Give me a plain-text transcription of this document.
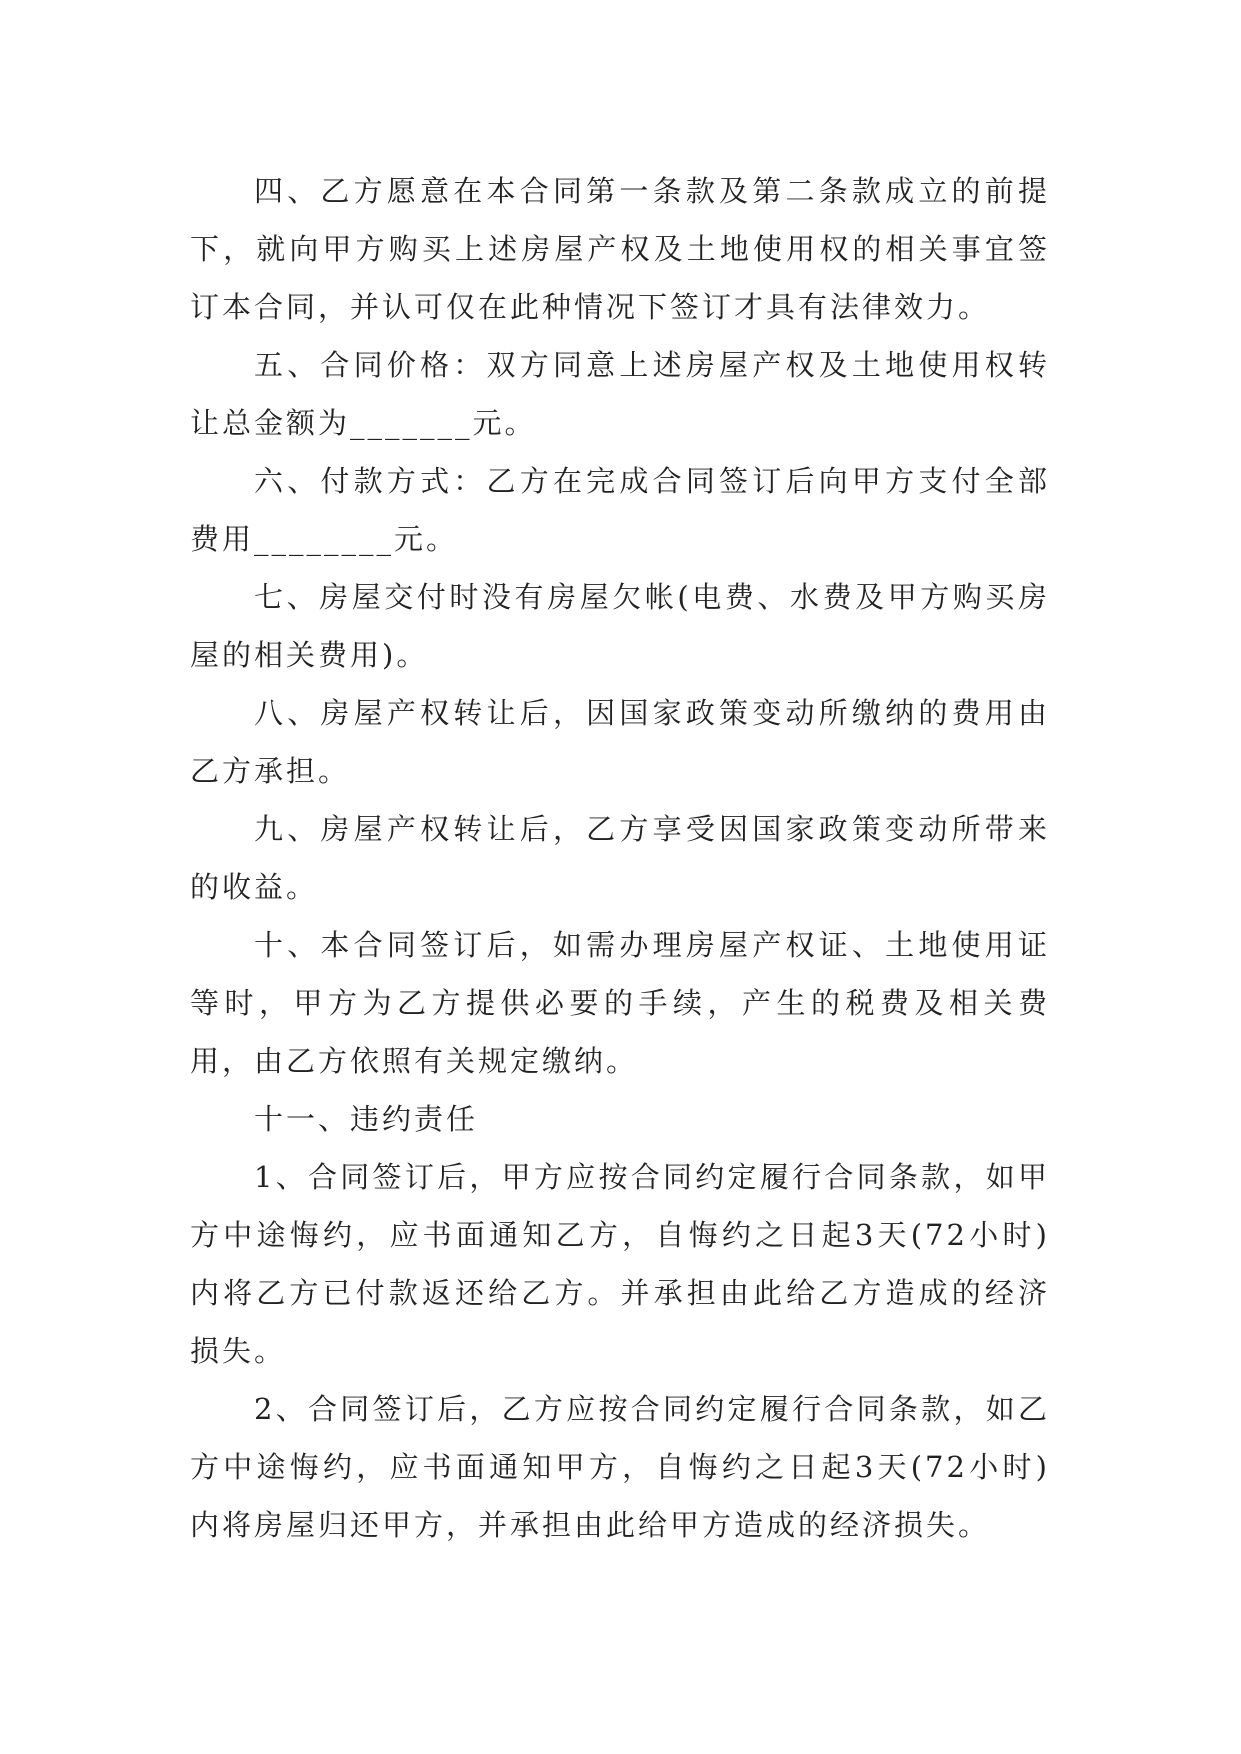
四、乙方愿意在本合同第一条款及第二条款成立的前提下，就向甲方购买上述房屋产权及土地使用权的相关事宜签订本合同，并认可仅在此种情况下签订才具有法律效力。

五、合同价格：双方同意上述房屋产权及土地使用权转让总金额为_______元。

六、付款方式：乙方在完成合同签订后向甲方支付全部费用________元。

七、房屋交付时没有房屋欠帐(电费、水费及甲方购买房屋的相关费用)。

八、房屋产权转让后，因国家政策变动所缴纳的费用由乙方承担。

九、房屋产权转让后，乙方享受因国家政策变动所带来的收益。

十、本合同签订后，如需办理房屋产权证、土地使用证等时，甲方为乙方提供必要的手续，产生的税费及相关费用，由乙方依照有关规定缴纳。

十一、违约责任

1、合同签订后，甲方应按合同约定履行合同条款，如甲方中途悔约，应书面通知乙方，自悔约之日起3天(72小时)内将乙方已付款返还给乙方。并承担由此给乙方造成的经济损失。

2、合同签订后，乙方应按合同约定履行合同条款，如乙方中途悔约，应书面通知甲方，自悔约之日起3天(72小时)内将房屋归还甲方，并承担由此给甲方造成的经济损失。
